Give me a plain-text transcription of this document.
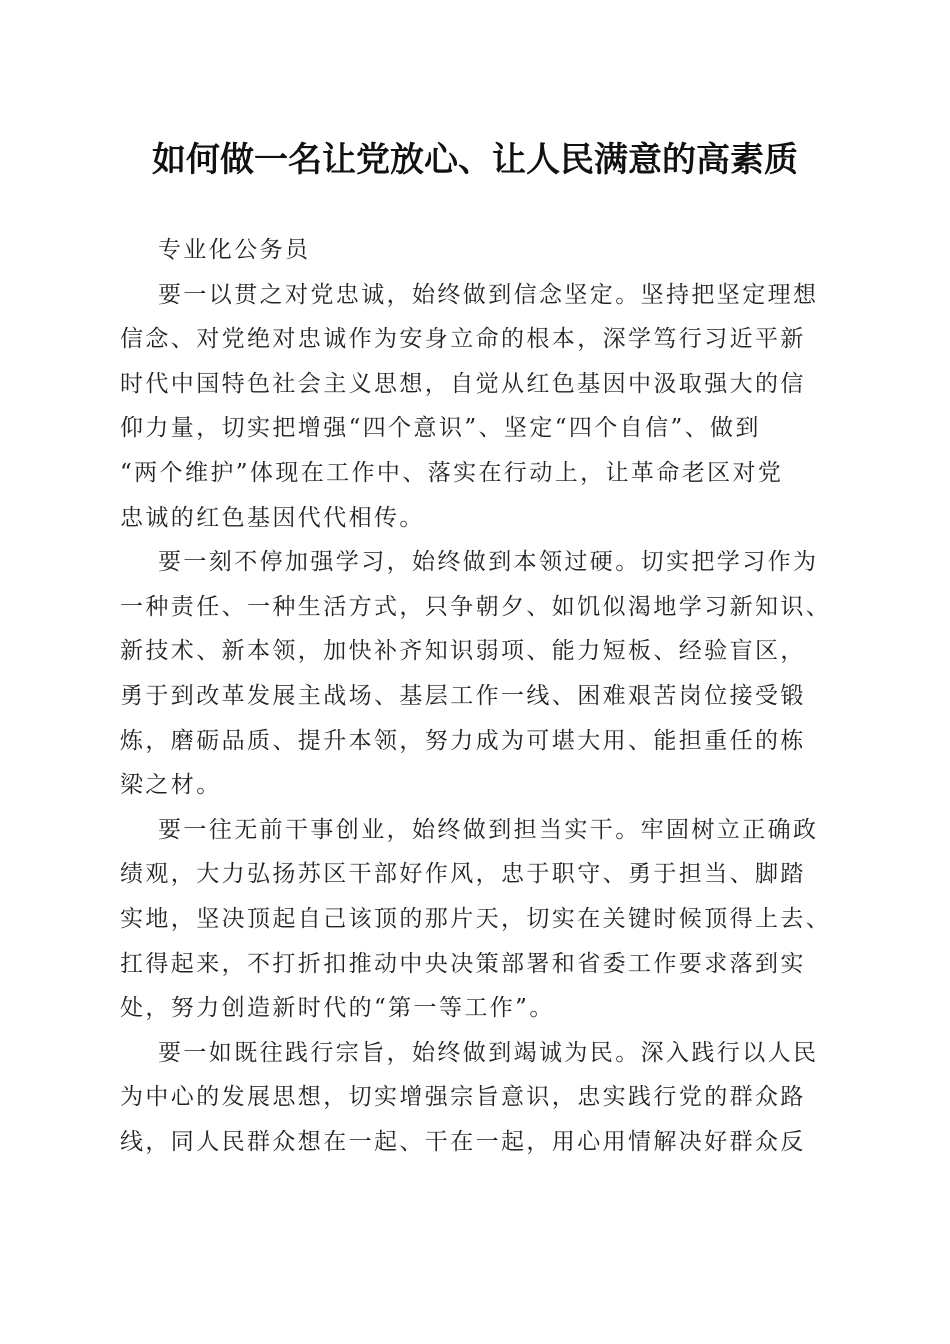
如何做一名让党放心、让人民满意的高素质
专业化公务员
要一以贯之对党忠诚，始终做到信念坚定。坚持把坚定理想
信念、对党绝对忠诚作为安身立命的根本，深学笃行习近平新
时代中国特色社会主义思想，自觉从红色基因中汲取强大的信
仰力量，切实把增强“四个意识”、坚定“四个自信”、做到
“两个维护”体现在工作中、落实在行动上，让革命老区对党
忠诚的红色基因代代相传。
要一刻不停加强学习，始终做到本领过硬。切实把学习作为
一种责任、一种生活方式，只争朝夕、如饥似渴地学习新知识、
新技术、新本领，加快补齐知识弱项、能力短板、经验盲区，
勇于到改革发展主战场、基层工作一线、困难艰苦岗位接受锻
炼，磨砺品质、提升本领，努力成为可堪大用、能担重任的栋
梁之材。
要一往无前干事创业，始终做到担当实干。牢固树立正确政
绩观，大力弘扬苏区干部好作风，忠于职守、勇于担当、脚踏
实地，坚决顶起自己该顶的那片天，切实在关键时候顶得上去、
扛得起来，不打折扣推动中央决策部署和省委工作要求落到实
处，努力创造新时代的“第一等工作”。
要一如既往践行宗旨，始终做到竭诚为民。深入践行以人民
为中心的发展思想，切实增强宗旨意识，忠实践行党的群众路
线，同人民群众想在一起、干在一起，用心用情解决好群众反
